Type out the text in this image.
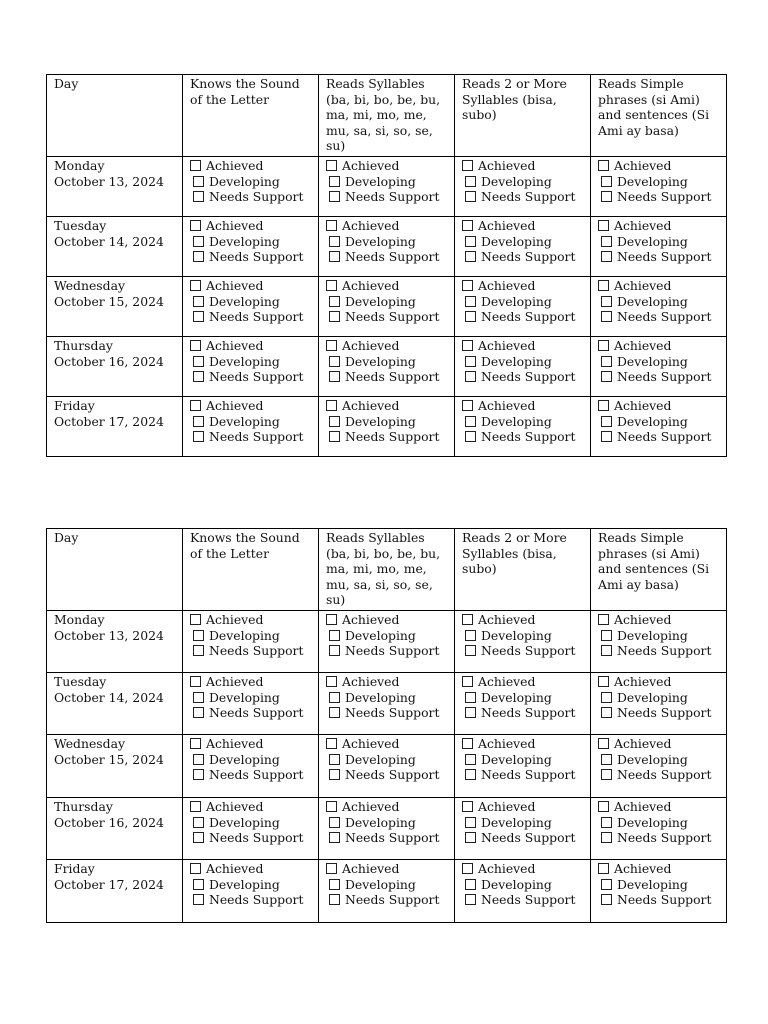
Day	Knows the Sound of the Letter	Reads Syllables (ba, bi, bo, be, bu, ma, mi, mo, me, mu, sa, si, so, se, su)	Reads 2 or More Syllables (bisa, subo)	Reads Simple phrases (si Ami) and sentences (Si Ami ay basa)

Monday
October 13, 2024	Achieved
Developing
Needs Support	Achieved
Developing
Needs Support	Achieved
Developing
Needs Support	Achieved
Developing
Needs Support

Tuesday
October 14, 2024	Achieved
Developing
Needs Support	Achieved
Developing
Needs Support	Achieved
Developing
Needs Support	Achieved
Developing
Needs Support

Wednesday
October 15, 2024	Achieved
Developing
Needs Support	Achieved
Developing
Needs Support	Achieved
Developing
Needs Support	Achieved
Developing
Needs Support

Thursday
October 16, 2024	Achieved
Developing
Needs Support	Achieved
Developing
Needs Support	Achieved
Developing
Needs Support	Achieved
Developing
Needs Support

Friday
October 17, 2024	Achieved
Developing
Needs Support	Achieved
Developing
Needs Support	Achieved
Developing
Needs Support	Achieved
Developing
Needs Support
Day	Knows the Sound of the Letter	Reads Syllables (ba, bi, bo, be, bu, ma, mi, mo, me, mu, sa, si, so, se, su)	Reads 2 or More Syllables (bisa, subo)	Reads Simple phrases (si Ami) and sentences (Si Ami ay basa)

Monday
October 13, 2024	Achieved
Developing
Needs Support	Achieved
Developing
Needs Support	Achieved
Developing
Needs Support	Achieved
Developing
Needs Support

Tuesday
October 14, 2024	Achieved
Developing
Needs Support	Achieved
Developing
Needs Support	Achieved
Developing
Needs Support	Achieved
Developing
Needs Support

Wednesday
October 15, 2024	Achieved
Developing
Needs Support	Achieved
Developing
Needs Support	Achieved
Developing
Needs Support	Achieved
Developing
Needs Support

Thursday
October 16, 2024	Achieved
Developing
Needs Support	Achieved
Developing
Needs Support	Achieved
Developing
Needs Support	Achieved
Developing
Needs Support

Friday
October 17, 2024	Achieved
Developing
Needs Support	Achieved
Developing
Needs Support	Achieved
Developing
Needs Support	Achieved
Developing
Needs Support
